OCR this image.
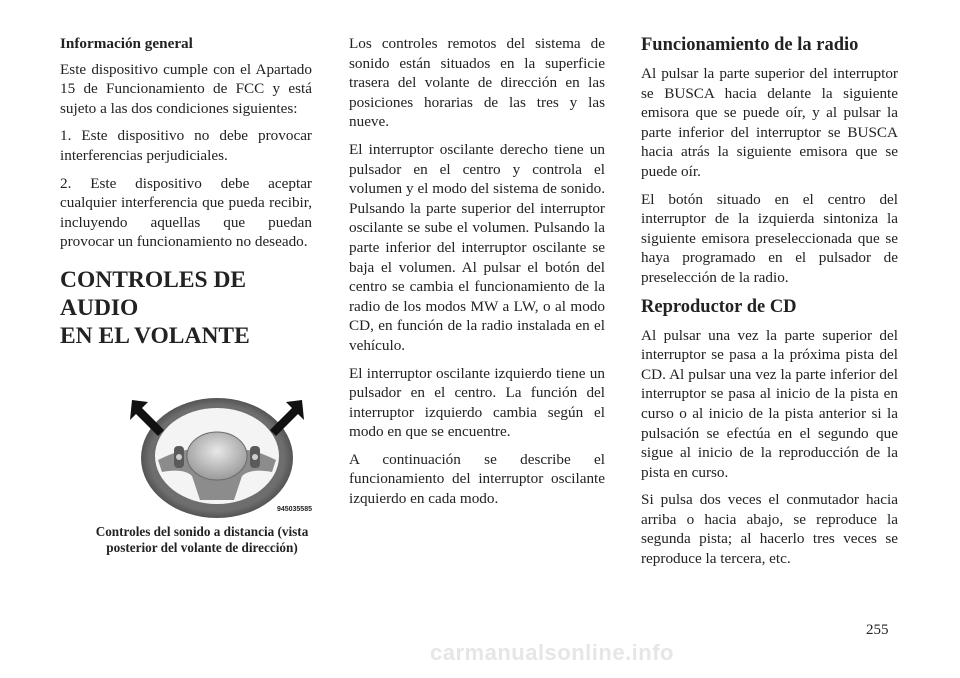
Información general

Este dispositivo cumple con el Apartado 15 de Funcionamiento de FCC y está sujeto a las dos condiciones siguientes:

1. Este dispositivo no debe provocar interferencias perjudiciales.

2. Este dispositivo debe aceptar cualquier interferencia que pueda recibir, incluyendo aquellas que puedan provocar un funcionamiento no deseado.

CONTROLES DE AUDIO
EN EL VOLANTE
945035585
Controles del sonido a distancia (vista posterior del volante de dirección)

Los controles remotos del sistema de sonido están situados en la superficie trasera del volante de dirección en las posiciones horarias de las tres y las nueve.

El interruptor oscilante derecho tiene un pulsador en el centro y controla el volumen y el modo del sistema de sonido. Pulsando la parte superior del interruptor oscilante se sube el volumen. Pulsando la parte inferior del interruptor oscilante se baja el volumen. Al pulsar el botón del centro se cambia el funcionamiento de la radio de los modos MW a LW, o al modo CD, en función de la radio instalada en el vehículo.

El interruptor oscilante izquierdo tiene un pulsador en el centro. La función del interruptor izquierdo cambia según el modo en que se encuentre.

A continuación se describe el funcionamiento del interruptor oscilante izquierdo en cada modo.

Funcionamiento de la radio

Al pulsar la parte superior del interruptor se BUSCA hacia delante la siguiente emisora que se puede oír, y al pulsar la parte inferior del interruptor se BUSCA hacia atrás la siguiente emisora que se puede oír.

El botón situado en el centro del interruptor de la izquierda sintoniza la siguiente emisora preseleccionada que se haya programado en el pulsador de preselección de la radio.

Reproductor de CD

Al pulsar una vez la parte superior del interruptor se pasa a la próxima pista del CD. Al pulsar una vez la parte inferior del interruptor se pasa al inicio de la pista en curso o al inicio de la pista anterior si la pulsación se efectúa en el segundo que sigue al inicio de la reproducción de la pista en curso.

Si pulsa dos veces el conmutador hacia arriba o hacia abajo, se reproduce la segunda pista; al hacerlo tres veces se reproduce la tercera, etc.

255
carmanualsonline.info
